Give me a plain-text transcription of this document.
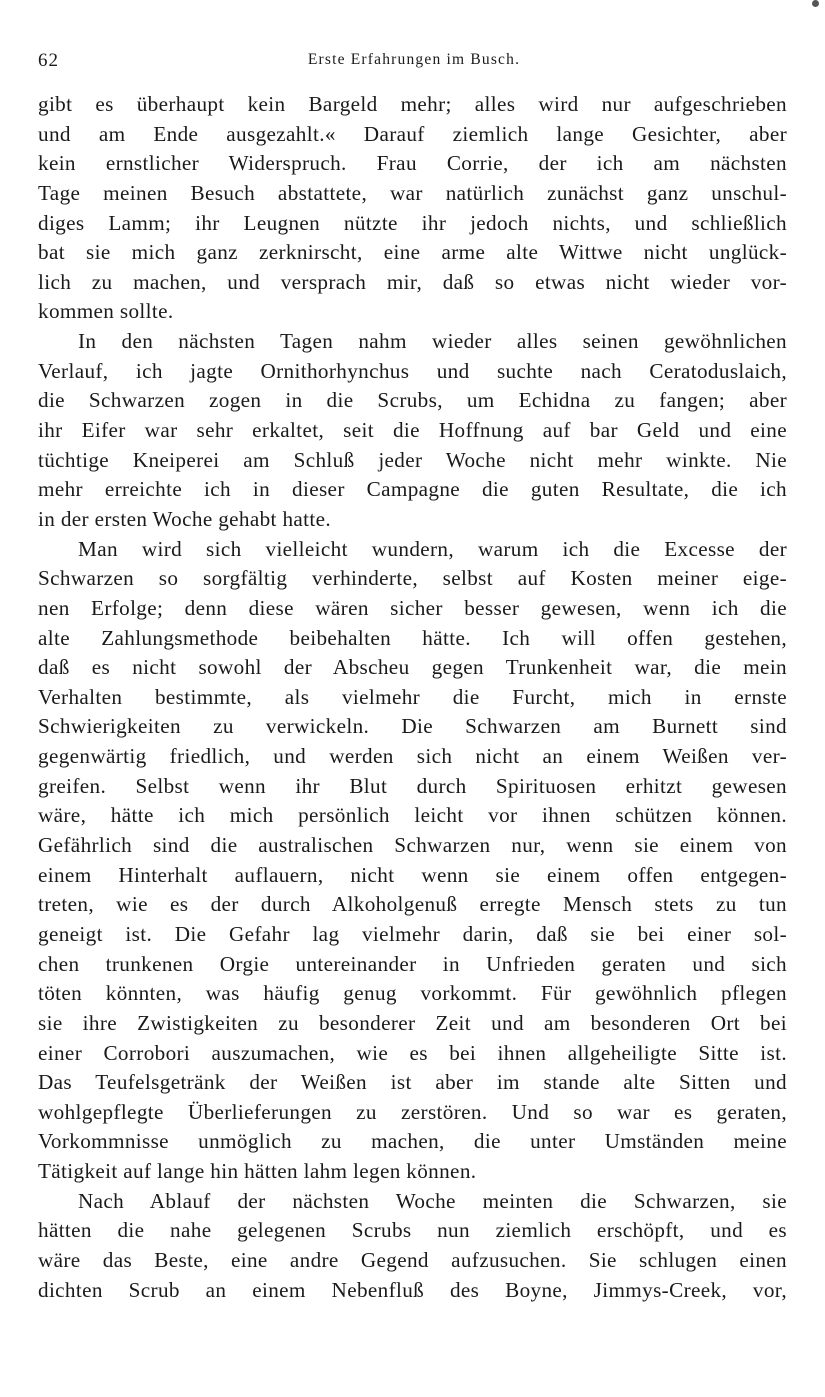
62	Erste Erfahrungen im Busch.
gibt es überhaupt kein Bargeld mehr; alles wird nur aufgeschrieben
und am Ende ausgezahlt.« Darauf ziemlich lange Gesichter, aber
kein ernstlicher Widerspruch. Frau Corrie, der ich am nächsten
Tage meinen Besuch abstattete, war natürlich zunächst ganz unschul-
diges Lamm; ihr Leugnen nützte ihr jedoch nichts, und schließlich
bat sie mich ganz zerknirscht, eine arme alte Wittwe nicht unglück-
lich zu machen, und versprach mir, daß so etwas nicht wieder vor-
kommen sollte.
In den nächsten Tagen nahm wieder alles seinen gewöhnlichen
Verlauf, ich jagte Ornithorhynchus und suchte nach Ceratoduslaich,
die Schwarzen zogen in die Scrubs, um Echidna zu fangen; aber
ihr Eifer war sehr erkaltet, seit die Hoffnung auf bar Geld und eine
tüchtige Kneiperei am Schluß jeder Woche nicht mehr winkte. Nie
mehr erreichte ich in dieser Campagne die guten Resultate, die ich
in der ersten Woche gehabt hatte.
Man wird sich vielleicht wundern, warum ich die Excesse der
Schwarzen so sorgfältig verhinderte, selbst auf Kosten meiner eige-
nen Erfolge; denn diese wären sicher besser gewesen, wenn ich die
alte Zahlungsmethode beibehalten hätte. Ich will offen gestehen,
daß es nicht sowohl der Abscheu gegen Trunkenheit war, die mein
Verhalten bestimmte, als vielmehr die Furcht, mich in ernste
Schwierigkeiten zu verwickeln. Die Schwarzen am Burnett sind
gegenwärtig friedlich, und werden sich nicht an einem Weißen ver-
greifen. Selbst wenn ihr Blut durch Spirituosen erhitzt gewesen
wäre, hätte ich mich persönlich leicht vor ihnen schützen können.
Gefährlich sind die australischen Schwarzen nur, wenn sie einem von
einem Hinterhalt auflauern, nicht wenn sie einem offen entgegen-
treten, wie es der durch Alkoholgenuß erregte Mensch stets zu tun
geneigt ist. Die Gefahr lag vielmehr darin, daß sie bei einer sol-
chen trunkenen Orgie untereinander in Unfrieden geraten und sich
töten könnten, was häufig genug vorkommt. Für gewöhnlich pflegen
sie ihre Zwistigkeiten zu besonderer Zeit und am besonderen Ort bei
einer Corrobori auszumachen, wie es bei ihnen allgeheiligte Sitte ist.
Das Teufelsgetränk der Weißen ist aber im stande alte Sitten und
wohlgepflegte Überlieferungen zu zerstören. Und so war es geraten,
Vorkommnisse unmöglich zu machen, die unter Umständen meine
Tätigkeit auf lange hin hätten lahm legen können.
Nach Ablauf der nächsten Woche meinten die Schwarzen, sie
hätten die nahe gelegenen Scrubs nun ziemlich erschöpft, und es
wäre das Beste, eine andre Gegend aufzusuchen. Sie schlugen einen
dichten Scrub an einem Nebenfluß des Boyne, Jimmys-Creek, vor,
